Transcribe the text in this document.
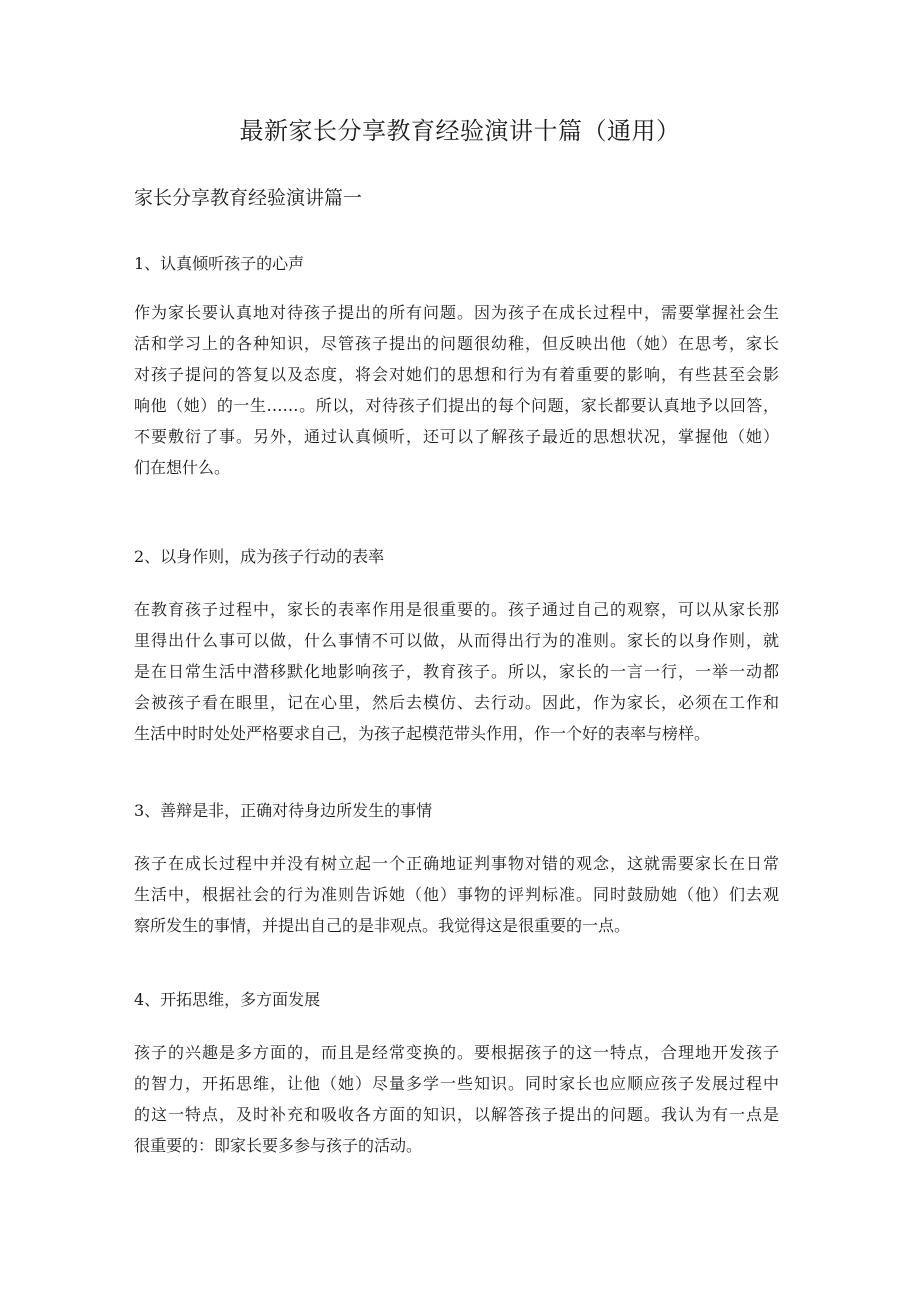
最新家长分享教育经验演讲十篇（通用）
家长分享教育经验演讲篇一
1、认真倾听孩子的心声
作为家长要认真地对待孩子提出的所有问题。因为孩子在成长过程中，需要掌握社会生
活和学习上的各种知识，尽管孩子提出的问题很幼稚，但反映出他（她）在思考，家长
对孩子提问的答复以及态度，将会对她们的思想和行为有着重要的影响，有些甚至会影
响他（她）的一生……。所以，对待孩子们提出的每个问题，家长都要认真地予以回答，
不要敷衍了事。另外，通过认真倾听，还可以了解孩子最近的思想状况，掌握他（她）
们在想什么。
2、以身作则，成为孩子行动的表率
在教育孩子过程中，家长的表率作用是很重要的。孩子通过自己的观察，可以从家长那
里得出什么事可以做，什么事情不可以做，从而得出行为的准则。家长的以身作则，就
是在日常生活中潜移默化地影响孩子，教育孩子。所以，家长的一言一行，一举一动都
会被孩子看在眼里，记在心里，然后去模仿、去行动。因此，作为家长，必须在工作和
生活中时时处处严格要求自己，为孩子起模范带头作用，作一个好的表率与榜样。
3、善辩是非，正确对待身边所发生的事情
孩子在成长过程中并没有树立起一个正确地证判事物对错的观念，这就需要家长在日常
生活中，根据社会的行为准则告诉她（他）事物的评判标准。同时鼓励她（他）们去观
察所发生的事情，并提出自己的是非观点。我觉得这是很重要的一点。
4、开拓思维，多方面发展
孩子的兴趣是多方面的，而且是经常变换的。要根据孩子的这一特点，合理地开发孩子
的智力，开拓思维，让他（她）尽量多学一些知识。同时家长也应顺应孩子发展过程中
的这一特点，及时补充和吸收各方面的知识，以解答孩子提出的问题。我认为有一点是
很重要的：即家长要多参与孩子的活动。
